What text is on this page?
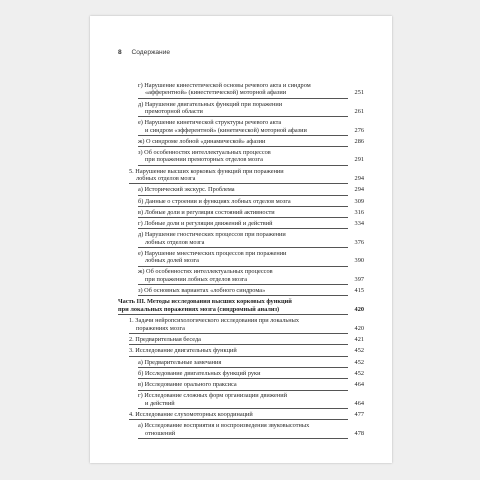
8 Содержание
г) Нарушение кинестетической основы речевого акта и синдром
«афферентной» (кинестетической) моторной афазии	251
д) Нарушение двигательных функций при поражении
премоторной области	261
е) Нарушение кинетической структуры речевого акта
и синдром «эфферентной» (кинетической) моторной афазии	276
ж) О синдроме лобной «динамической» афазии	286
з) Об особенностях интеллектуальных процессов
при поражении премоторных отделов мозга	291
5. Нарушение высших корковых функций при поражении
лобных отделов мозга	294
а) Исторический экскурс. Проблема	294
б) Данные о строении и функциях лобных отделов мозга	309
в) Лобные доли и регуляция состояний активности	316
г) Лобные доли и регуляция движений и действий	334
д) Нарушение гностических процессов при поражении
лобных отделов мозга	376
е) Нарушение мнестических процессов при поражении
лобных долей мозга	390
ж) Об особенностях интеллектуальных процессов
при поражении лобных отделов мозга	397
з) Об основных вариантах «лобного синдрома»	415
Часть III. Методы исследования высших корковых функций
при локальных поражениях мозга (синдромный анализ)	420
1. Задачи нейропсихологического исследования при локальных
поражениях мозга	420
2. Предварительная беседа	421
3. Исследование двигательных функций	452
а) Предварительные замечания	452
б) Исследование двигательных функций руки	452
в) Исследование орального праксиса	464
г) Исследование сложных форм организации движений
и действий	464
4. Исследование слухомоторных координаций	477
а) Исследование восприятия и воспроизведения звуковысотных
отношений	478
